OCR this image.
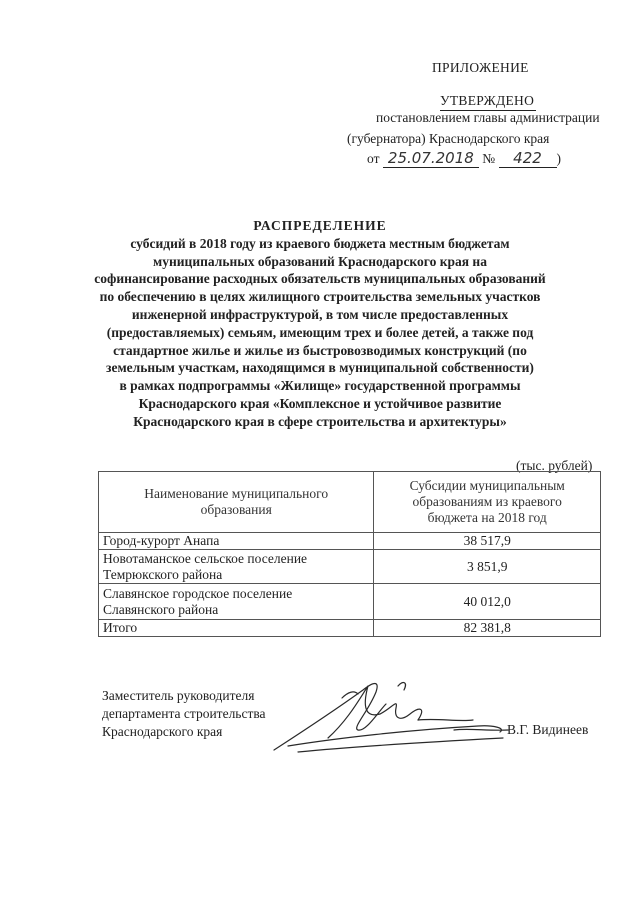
ПРИЛОЖЕНИЕ
УТВЕРЖДЕНО
постановлением главы администрации
(губернатора) Краснодарского края
от 25.07.2018 № 422 )
РАСПРЕДЕЛЕНИЕ
субсидий в 2018 году из краевого бюджета местным бюджетам
муниципальных образований Краснодарского края на
софинансирование расходных обязательств муниципальных образований
по обеспечению в целях жилищного строительства земельных участков
инженерной инфраструктурой, в том числе предоставленных
(предоставляемых) семьям, имеющим трех и более детей, а также под
стандартное жилье и жилье из быстровозводимых конструкций (по
земельным участкам, находящимся в муниципальной собственности)
в рамках подпрограммы «Жилище» государственной программы
Краснодарского края «Комплексное и устойчивое развитие
Краснодарского края в сфере строительства и архитектуры»
(тыс. рублей)
Наименование муниципального образования	Субсидии муниципальным образованиям из краевого бюджета на 2018 год

Город-курорт Анапа	38 517,9

Новотаманское сельское поселение
Темрюкского района	3 851,9

Славянское городское поселение
Славянского района	40 012,0

Итого	82 381,8
Заместитель руководителя
департамента строительства
Краснодарского края	В.Г. Видинеев
